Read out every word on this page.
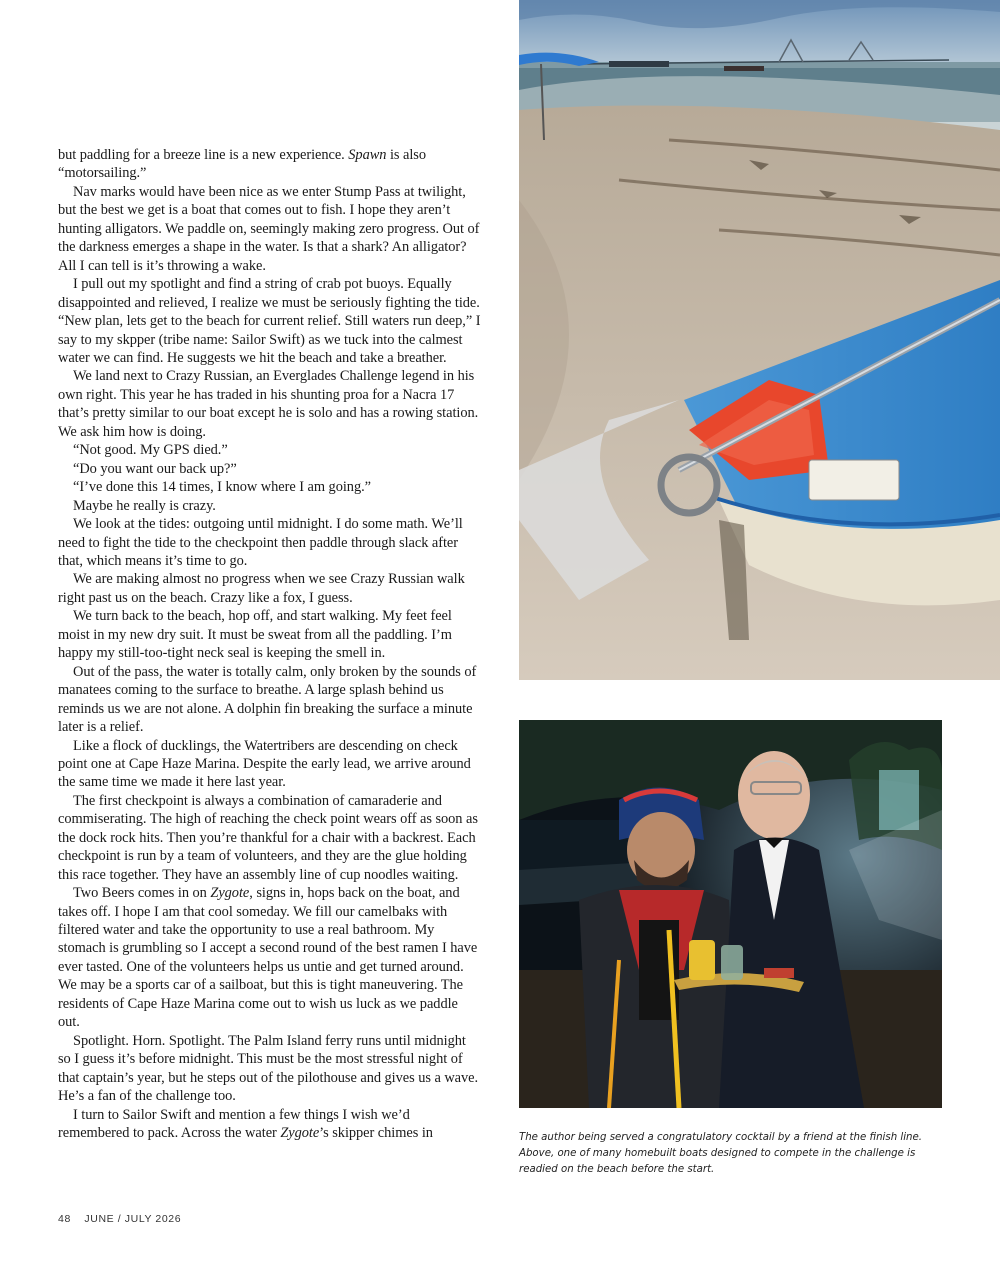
but paddling for a breeze line is a new experience. Spawn is also “motorsailing.”

Nav marks would have been nice as we enter Stump Pass at twilight, but the best we get is a boat that comes out to fish. I hope they aren’t hunting alligators. We paddle on, seemingly making zero progress. Out of the darkness emerges a shape in the water. Is that a shark? An alligator? All I can tell is it’s throwing a wake.

I pull out my spotlight and find a string of crab pot buoys. Equally disappointed and relieved, I realize we must be seriously fighting the tide. “New plan, lets get to the beach for current relief. Still waters run deep,” I say to my skpper (tribe name: Sailor Swift) as we tuck into the calmest water we can find. He suggests we hit the beach and take a breather.

We land next to Crazy Russian, an Everglades Challenge legend in his own right. This year he has traded in his shunting proa for a Nacra 17 that’s pretty similar to our boat except he is solo and has a rowing station. We ask him how is doing.

“Not good. My GPS died.”

“Do you want our back up?”

“I’ve done this 14 times, I know where I am going.”

Maybe he really is crazy.

We look at the tides: outgoing until midnight. I do some math. We’ll need to fight the tide to the checkpoint then paddle through slack after that, which means it’s time to go.

We are making almost no progress when we see Crazy Russian walk right past us on the beach. Crazy like a fox, I guess.

We turn back to the beach, hop off, and start walking. My feet feel moist in my new dry suit. It must be sweat from all the paddling. I’m happy my still-too-tight neck seal is keeping the smell in.

Out of the pass, the water is totally calm, only broken by the sounds of manatees coming to the surface to breathe. A large splash behind us reminds us we are not alone. A dolphin fin breaking the surface a minute later is a relief.

Like a flock of ducklings, the Watertribers are descending on check point one at Cape Haze Marina. Despite the early lead, we arrive around the same time we made it here last year.

The first checkpoint is always a combination of camaraderie and commiserating. The high of reaching the check point wears off as soon as the dock rock hits. Then you’re thankful for a chair with a backrest. Each checkpoint is run by a team of volunteers, and they are the glue holding this race together. They have an assembly line of cup noodles waiting.

Two Beers comes in on Zygote, signs in, hops back on the boat, and takes off. I hope I am that cool someday. We fill our camelbaks with filtered water and take the opportunity to use a real bathroom. My stomach is grumbling so I accept a second round of the best ramen I have ever tasted. One of the volunteers helps us untie and get turned around. We may be a sports car of a sailboat, but this is tight maneuvering. The residents of Cape Haze Marina come out to wish us luck as we paddle out.

Spotlight. Horn. Spotlight. The Palm Island ferry runs until midnight so I guess it’s before midnight. This must be the most stressful night of that captain’s year, but he steps out of the pilothouse and gives us a wave. He’s a fan of the challenge too.

I turn to Sailor Swift and mention a few things I wish we’d remembered to pack. Across the water Zygote’s skipper chimes in	The author being served a congratulatory cocktail by a friend at the finish line. Above, one of many homebuilt boats designed to compete in the challenge is readied on the beach before the start.
48 JUNE / JULY 2026
